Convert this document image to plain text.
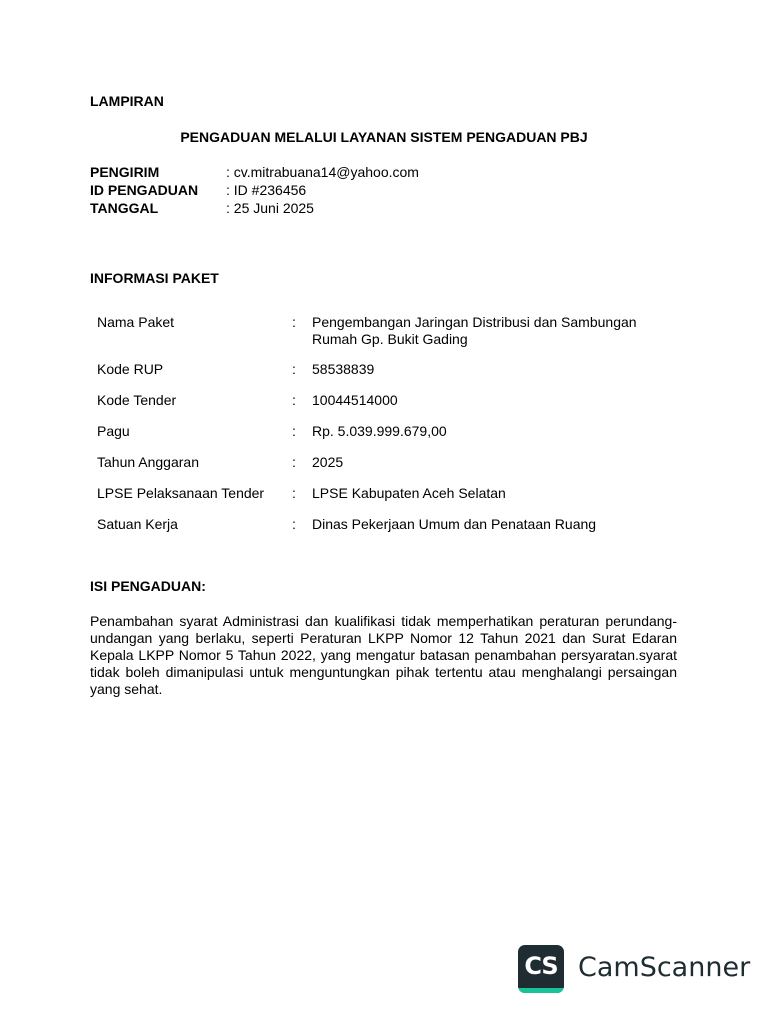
LAMPIRAN
PENGADUAN MELALUI LAYANAN SISTEM PENGADUAN PBJ
PENGIRIM	: cv.mitrabuana14@yahoo.com
ID PENGADUAN : ID #236456
TANGGAL	: 25 Juni 2025
INFORMASI PAKET
Nama Paket	: Pengembangan Jaringan Distribusi dan Sambungan Rumah Gp. Bukit Gading
Kode RUP	: 58538839
Kode Tender	: 10044514000
Pagu	: Rp. 5.039.999.679,00
Tahun Anggaran	: 2025
LPSE Pelaksanaan Tender : LPSE Kabupaten Aceh Selatan
Satuan Kerja	: Dinas Pekerjaan Umum dan Penataan Ruang
ISI PENGADUAN:
Penambahan syarat Administrasi dan kualifikasi tidak memperhatikan peraturan perundang-undangan yang berlaku, seperti Peraturan LKPP Nomor 12 Tahun 2021 dan Surat Edaran Kepala LKPP Nomor 5 Tahun 2022, yang mengatur batasan penambahan persyaratan.syarat tidak boleh dimanipulasi untuk menguntungkan pihak tertentu atau menghalangi persaingan yang sehat.
CS CamScanner
